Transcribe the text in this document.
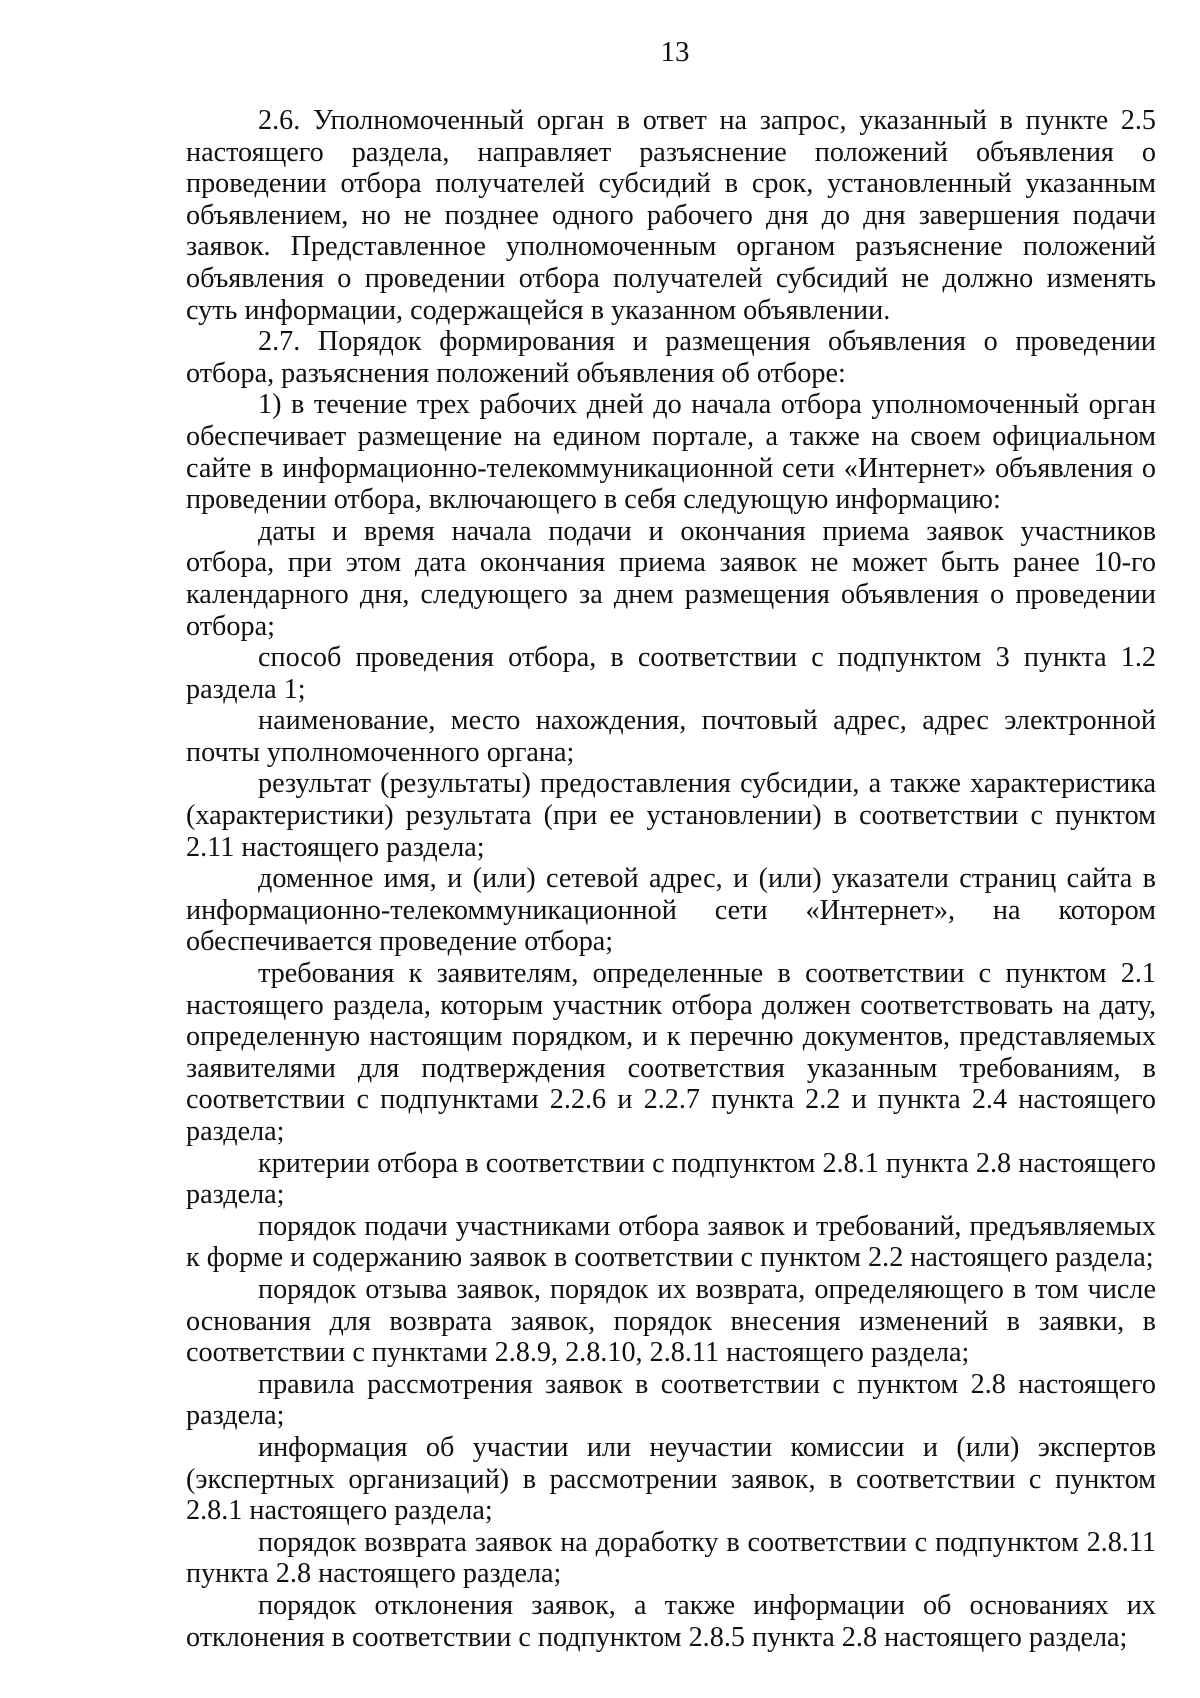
13

2.6. Уполномоченный орган в ответ на запрос, указанный в пункте 2.5 настоящего раздела, направляет разъяснение положений объявления о проведении отбора получателей субсидий в срок, установленный указанным объявлением, но не позднее одного рабочего дня до дня завершения подачи заявок. Представленное уполномоченным органом разъяснение положений объявления о проведении отбора получателей субсидий не должно изменять суть информации, содержащейся в указанном объявлении.

2.7. Порядок формирования и размещения объявления о проведении отбора, разъяснения положений объявления об отборе:

1) в течение трех рабочих дней до начала отбора уполномоченный орган обеспечивает размещение на едином портале, а также на своем официальном сайте в информационно-телекоммуникационной сети «Интернет» объявления о проведении отбора, включающего в себя следующую информацию:

даты и время начала подачи и окончания приема заявок участников отбора, при этом дата окончания приема заявок не может быть ранее 10-го календарного дня, следующего за днем размещения объявления о проведении отбора;

способ проведения отбора, в соответствии с подпунктом 3 пункта 1.2 раздела 1;

наименование, место нахождения, почтовый адрес, адрес электронной почты уполномоченного органа;

результат (результаты) предоставления субсидии, а также характеристика (характеристики) результата (при ее установлении) в соответствии с пунктом 2.11 настоящего раздела;

доменное имя, и (или) сетевой адрес, и (или) указатели страниц сайта в информационно-телекоммуникационной сети «Интернет», на котором обеспечивается проведение отбора;

требования к заявителям, определенные в соответствии с пунктом 2.1 настоящего раздела, которым участник отбора должен соответствовать на дату, определенную настоящим порядком, и к перечню документов, представляемых заявителями для подтверждения соответствия указанным требованиям, в соответствии с подпунктами 2.2.6 и 2.2.7 пункта 2.2 и пункта 2.4 настоящего раздела;

критерии отбора в соответствии с подпунктом 2.8.1 пункта 2.8 настоящего раздела;

порядок подачи участниками отбора заявок и требований, предъявляемых к форме и содержанию заявок в соответствии с пунктом 2.2 настоящего раздела;

порядок отзыва заявок, порядок их возврата, определяющего в том числе основания для возврата заявок, порядок внесения изменений в заявки, в соответствии с пунктами 2.8.9, 2.8.10, 2.8.11 настоящего раздела;

правила рассмотрения заявок в соответствии с пунктом 2.8 настоящего раздела;

информация об участии или неучастии комиссии и (или) экспертов (экспертных организаций) в рассмотрении заявок, в соответствии с пунктом 2.8.1 настоящего раздела;

порядок возврата заявок на доработку в соответствии с подпунктом 2.8.11 пункта 2.8 настоящего раздела;

порядок отклонения заявок, а также информации об основаниях их отклонения в соответствии с подпунктом 2.8.5 пункта 2.8 настоящего раздела;
